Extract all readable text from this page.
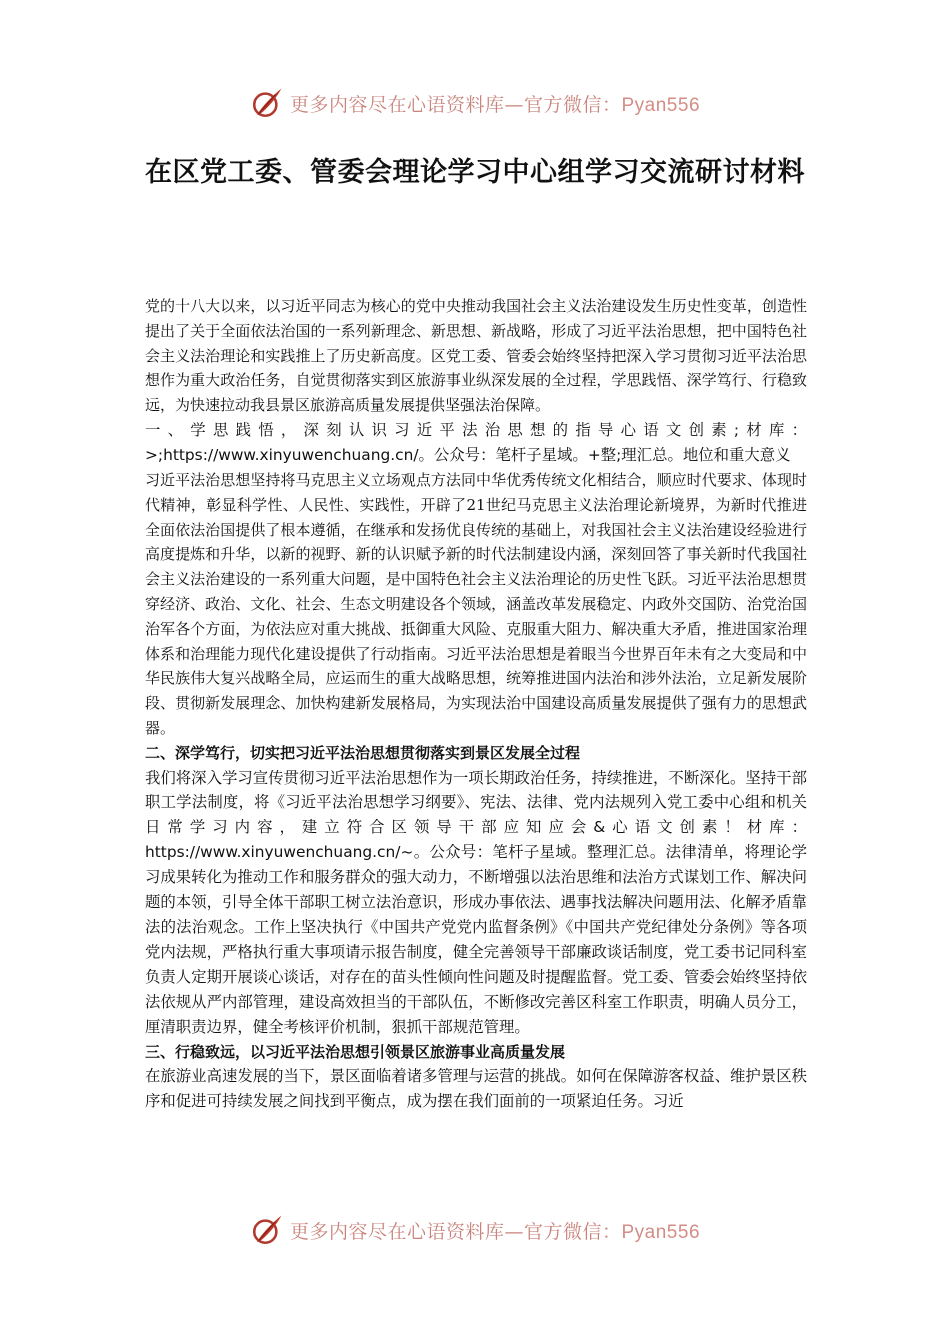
更多内容尽在心语资料库—官方微信：Pyan556
在区党工委、管委会理论学习中心组学习交流研讨材料

党的十八大以来，以习近平同志为核心的党中央推动我国社会主义法治建设发生历史性变革，创造性提出了关于全面依法治国的一系列新理念、新思想、新战略，形成了习近平法治思想，把中国特色社会主义法治理论和实践推上了历史新高度。区党工委、管委会始终坚持把深入学习贯彻习近平法治思想作为重大政治任务，自觉贯彻落实到区旅游事业纵深发展的全过程，学思践悟、深学笃行、行稳致远，为快速拉动我县景区旅游高质量发展提供坚强法治保障。

一、学思践悟，深刻认识习近平法治思想的指导心语文创素;材库：>;https://www.xinyuwenchuang.cn/。公众号：笔杆子星域。+整;理汇总。地位和重大意义

习近平法治思想坚持将马克思主义立场观点方法同中华优秀传统文化相结合，顺应时代要求、体现时代精神，彰显科学性、人民性、实践性，开辟了21世纪马克思主义法治理论新境界，为新时代推进全面依法治国提供了根本遵循，在继承和发扬优良传统的基础上，对我国社会主义法治建设经验进行高度提炼和升华，以新的视野、新的认识赋予新的时代法制建设内涵，深刻回答了事关新时代我国社会主义法治建设的一系列重大问题，是中国特色社会主义法治理论的历史性飞跃。习近平法治思想贯穿经济、政治、文化、社会、生态文明建设各个领域，涵盖改革发展稳定、内政外交国防、治党治国治军各个方面，为依法应对重大挑战、抵御重大风险、克服重大阻力、解决重大矛盾，推进国家治理体系和治理能力现代化建设提供了行动指南。习近平法治思想是着眼当今世界百年未有之大变局和中华民族伟大复兴战略全局，应运而生的重大战略思想，统筹推进国内法治和涉外法治，立足新发展阶段、贯彻新发展理念、加快构建新发展格局，为实现法治中国建设高质量发展提供了强有力的思想武器。

二、深学笃行，切实把习近平法治思想贯彻落实到景区发展全过程

我们将深入学习宣传贯彻习近平法治思想作为一项长期政治任务，持续推进，不断深化。坚持干部职工学法制度，将《习近平法治思想学习纲要》、宪法、法律、党内法规列入党工委中心组和机关日常学习内容，建立符合区领导干部应知应会&心语文创素！材库：https://www.xinyuwenchuang.cn/~。公众号：笔杆子星域。整理汇总。法律清单，将理论学习成果转化为推动工作和服务群众的强大动力，不断增强以法治思维和法治方式谋划工作、解决问题的本领，引导全体干部职工树立法治意识，形成办事依法、遇事找法解决问题用法、化解矛盾靠法的法治观念。工作上坚决执行《中国共产党党内监督条例》《中国共产党纪律处分条例》等各项党内法规，严格执行重大事项请示报告制度，健全完善领导干部廉政谈话制度，党工委书记同科室负责人定期开展谈心谈话，对存在的苗头性倾向性问题及时提醒监督。党工委、管委会始终坚持依法依规从严内部管理，建设高效担当的干部队伍，不断修改完善区科室工作职责，明确人员分工，厘清职责边界，健全考核评价机制，狠抓干部规范管理。

三、行稳致远，以习近平法治思想引领景区旅游事业高质量发展

在旅游业高速发展的当下，景区面临着诸多管理与运营的挑战。如何在保障游客权益、维护景区秩序和促进可持续发展之间找到平衡点，成为摆在我们面前的一项紧迫任务。习近

更多内容尽在心语资料库—官方微信：Pyan556
